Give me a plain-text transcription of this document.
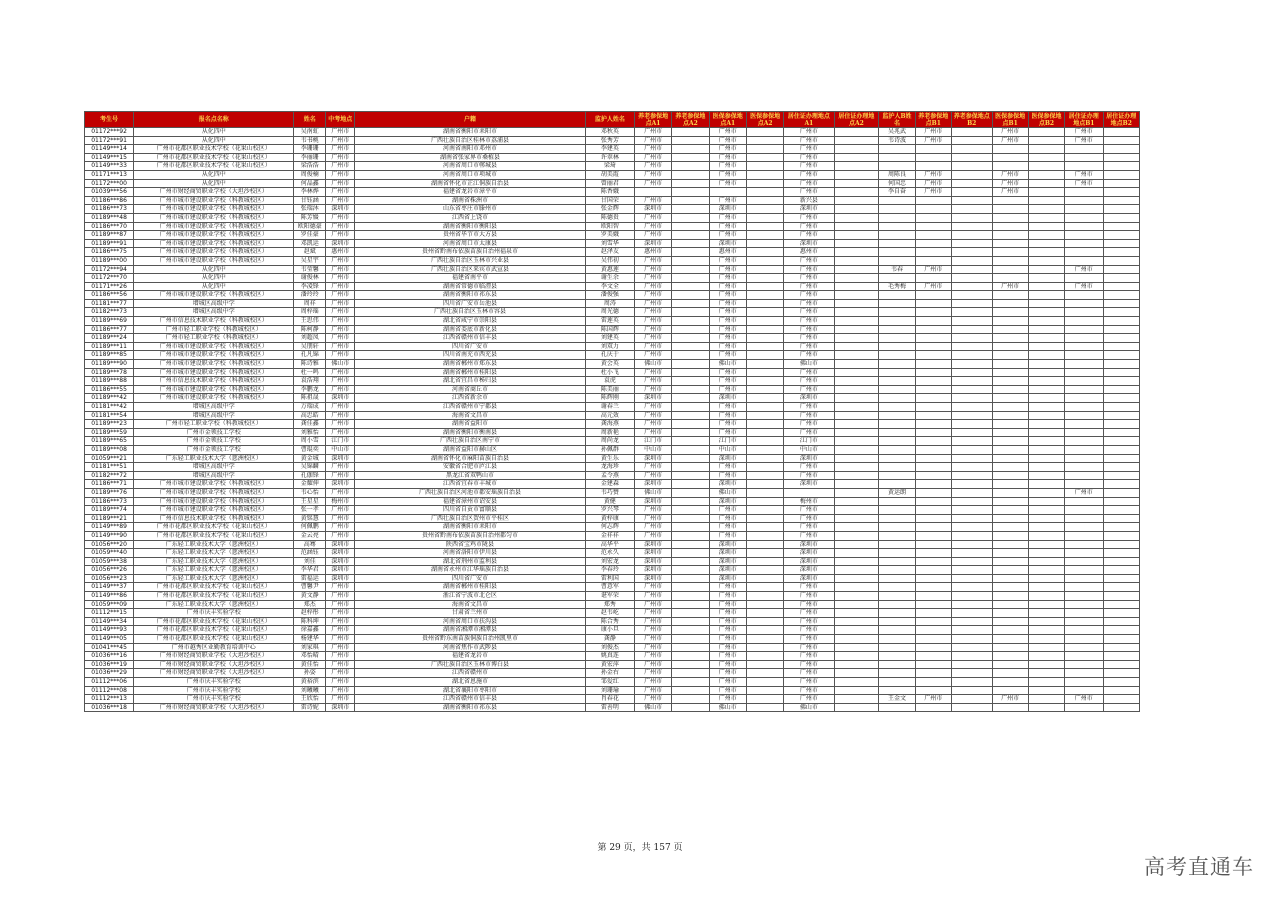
考生号	报名点名称	姓名	中考地点	户籍	监护人姓名	养老参保地点A1	养老参保地点A2	医保参保地点A1	医保参保地点A2	居住证办理地点A1	居住证办理地点A2	监护人B姓名	养老参保地点B1	养老参保地点B2	医保参保地点B1	医保参保地点B2	居住证办理地点B1	居住证办理地点B2
01172***92	从化四中	吴南虹	广州市	湖南省衡阳市耒阳市	邓秋英	广州市		广州市		广州市		吴兆武	广州市		广州市		广州市	
01172***91	从化四中	韦书桃	广州市	广西壮族自治区桂林市荔浦县	张秀芳	广州市		广州市		广州市		韦诗波	广州市		广州市		广州市	
01149***14	广州市花都区职业技术学校（花果山校区）	李珊珊	广州市	河南省南阳市邓州市	李建英	广州市		广州市		广州市								
01149***15	广州市花都区职业技术学校（花果山校区）	李丽珊	广州市	湖南省张家界市桑植县	许翠林	广州市		广州市		广州市								
01149***33	广州市花都区职业技术学校（花果山校区）	梁浩浩	广州市	河南省周口市郸城县	梁琦	广州市		广州市		广州市								
01171***13	从化四中	周俊楠	广州市	河南省周口市项城市	胡美霞	广州市		广州市		广州市		周陈良	广州市		广州市		广州市	
01172***00	从化四中	何晶鑫	广州市	湖南省怀化市芷江侗族自治县	曾丽君	广州市		广州市		广州市		何国忠	广州市		广州市		广州市	
01039***56	广州市财经商贸职业学校（大坦沙校区）	李林烨	广州市	福建省龙岩市漳平市	陈香娥					广州市		李自奋	广州市		广州市			
01186***86	广州市城市建设职业学校（科教城校区）	甘钰涵	广州市	湖南省株洲市	甘国荣	广州市		广州市		新兴县								
01186***73	广州市城市建设职业学校（科教城校区）	张瑞沐	深圳市	山东省枣庄市滕州市	张金辉	深圳市		深圳市		深圳市								
01189***48	广州市城市建设职业学校（科教城校区）	陈芳媛	广州市	江西省上饶市	陈德贵	广州市		广州市		广州市								
01186***70	广州市城市建设职业学校（科教城校区）	欧阳德豪	广州市	湖南省衡阳市衡阳县	欧阳智	广州市		广州市		广州市								
01189***87	广州市城市建设职业学校（科教城校区）	罗佳豪	广州市	贵州省毕节市大方县	罗美娥	广州市		广州市		广州市								
01189***91	广州市城市建设职业学校（科教城校区）	邓凯运	深圳市	河南省周口市太康县	刘雪华	深圳市		深圳市		深圳市								
01186***75	广州市城市建设职业学校（科教城校区）	赵斌	惠州市	贵州省黔南布依族苗族自治州福泉市	赵泽友	惠州市		惠州市		惠州市								
01189***00	广州市城市建设职业学校（科教城校区）	吴星宇	广州市	广西壮族自治区玉林市兴业县	吴伟初	广州市		广州市		广州市								
01172***94	从化四中	韦莹馨	广州市	广西壮族自治区来宾市武宣县	黄惠莲	广州市		广州市		广州市		韦春	广州市				广州市	
01172***70	从化四中	谢俊林	广州市	福建省南平市	谢生余	广州市		广州市		广州市								
01171***26	从化四中	李凌锋	广州市	湖南省常德市临澧县	李文全	广州市		广州市		广州市		毛秀梅	广州市		广州市		广州市	
01186***56	广州市城市建设职业学校（科教城校区）	潘玲玲	广州市	湖南省衡阳市祁东县	潘俊强	广州市		广州市		广州市								
01181***77	增城区高级中学	周祥	广州市	四川省广安市岳池县	周涛	广州市		广州市		广州市								
01182***73	增城区高级中学	周梓瑶	广州市	广西壮族自治区玉林市容县	周光德	广州市		广州市		广州市								
01189***69	广州市信息技术职业学校（科教城校区）	王思伟	广州市	湖北省咸宁市崇阳县	雷莲英	广州市		广州市		广州市								
01186***77	广州市轻工职业学校（科教城校区）	陈柯静	广州市	湖南省娄底市新化县	陈国辉	广州市		广州市		广州市								
01189***24	广州市轻工职业学校（科教城校区）	刘超凤	广州市	江西省赣州市信丰县	刘建英	广州市		广州市		广州市								
01189***11	广州市城市建设职业学校（科教城校区）	吴朋轩	广州市	四川省广安市	刘双力	广州市		广州市		广州市								
01189***85	广州市城市建设职业学校（科教城校区）	孔凡锦	广州市	四川省南充市西充县	孔庆于	广州市		广州市		广州市								
01189***90	广州市城市建设职业学校（科教城校区）	陈诗雅	佛山市	湖南省郴州市郑东县	黄会英	佛山市		佛山市		佛山市								
01189***78	广州市城市建设职业学校（科教城校区）	杜一鸣	广州市	湖南省郴州市桂阳县	杜小飞	广州市		广州市		广州市								
01189***88	广州市信息技术职业学校（科教城校区）	袁浩翔	广州市	湖北省宜昌市秭归县	袁虎	广州市		广州市		广州市								
01186***55	广州市城市建设职业学校（科教城校区）	李鹏龙	广州市	河南省商丘市	陈美丽	广州市		广州市		广州市								
01189***42	广州市城市建设职业学校（科教城校区）	陈祖晟	深圳市	江西省新余市	陈辉刚	深圳市		深圳市		深圳市								
01181***42	增城区高级中学	万瑞成	广州市	江西省赣州市宁都县	谢春兰	广州市		广州市		广州市								
01181***54	增城区高级中学	高忠皓	广州市	海南省文昌市	高元效	广州市		广州市		广州市								
01189***23	广州市轻工职业学校（科教城校区）	龚佳鑫	广州市	湖南省益阳市	龚海燕	广州市		广州市		广州市								
01189***59	广州市金领技工学校	刘雅怡	广州市	湖南省衡阳市衡南县	周新艳	广州市		广州市		广州市								
01189***65	广州市金领技工学校	周小雪	江门市	广西壮族自治区南宁市	周尚龙	江门市		江门市		江门市								
01189***08	广州市金领技工学校	曹琨奕	中山市	湖南省益阳市赫山区	孙佩群	中山市		中山市		中山市								
01059***21	广东轻工职业技术大学（慈洲校区）	黄金城	深圳市	湖南省怀化市麻阳苗族自治县	黄生乐	深圳市		深圳市		深圳市								
01181***51	增城区高级中学	吴锦麟	广州市	安徽省合肥市庐江县	龙海珍	广州市		广州市		广州市								
01182***72	增城区高级中学	孔伽锋	广州市	黑龙江省双鸭山市	孟令燕	广州市		广州市		广州市								
01186***71	广州市城市建设职业学校（科教城校区）	金耀伸	深圳市	江西省宜春市丰城市	金建森	深圳市		深圳市		深圳市								
01189***76	广州市城市建设职业学校（科教城校区）	韦心怡	广州市	广西壮族自治区河池市都安瑶族自治县	韦巧赞	佛山市		佛山市				黄运朗					广州市	
01186***73	广州市城市建设职业学校（科教城校区）	王星星	梅州市	福建省漳州市诏安县	黄健	深圳市		深圳市		梅州市								
01189***74	广州市城市建设职业学校（科教城校区）	张一孝	广州市	四川省自贡市富顺县	罗兴琴	广州市		广州市		广州市								
01189***21	广州市信息技术职业学校（科教城校区）	黄铭慧	广州市	广西壮族自治区贺州市平桂区	黄梓康	广州市		广州市		广州市								
01149***89	广州市花都区职业技术学校（花果山校区）	何佩鹏	广州市	湖南省衡阳市耒阳市	何志辉	广州市		广州市		广州市								
01149***90	广州市花都区职业技术学校（花果山校区）	金云亮	广州市	贵州省黔南布依族苗族自治州都匀市	金祥祥	广州市		广州市		广州市								
01056***20	广东轻工职业技术大学（慈洲校区）	高骞	深圳市	陕西省宝鸡市陇县	高华平	深圳市		深圳市		深圳市								
01059***40	广东轻工职业技术大学（慈洲校区）	范涵钰	深圳市	河南省洛阳市伊川县	范永久	深圳市		深圳市		深圳市								
01059***38	广东轻工职业技术大学（慈洲校区）	刘佳	深圳市	湖北省荆州市监利县	刘宏龙	深圳市		深圳市		深圳市								
01056***26	广东轻工职业技术大学（慈洲校区）	李华君	深圳市	湖南省永州市江华瑶族自治县	李春玲	深圳市		深圳市		深圳市								
01056***23	广东轻工职业技术大学（慈洲校区）	雷福运	深圳市	四川省广安市	雷利国	深圳市		深圳市		深圳市								
01149***37	广州市花都区职业技术学校（花果山校区）	曹馨尹	广州市	湖南省郴州市桂阳县	曹意军	广州市		广州市		广州市								
01149***86	广州市花都区职业技术学校（花果山校区）	黄文静	广州市	浙江省宁波市北仑区	谌军荣	广州市		广州市		广州市								
01059***09	广东轻工职业技术大学（慈洲校区）	郑杰	广州市	海南省文昌市	郑秀	广州市		广州市		广州市								
01112***15	广州市庆丰实验学校	赵梓彤	广州市	甘肃省兰州市	赵韦屹	广州市		广州市		广州市								
01149***34	广州市花都区职业技术学校（花果山校区）	陈科坤	广州市	河南省周口市扶沟县	陈合秀	广州市		广州市		广州市								
01149***93	广州市花都区职业技术学校（花果山校区）	徐嘉鑫	广州市	湖南省湘潭市湘潭县	康小旦	广州市		广州市		广州市								
01149***05	广州市花都区职业技术学校（花果山校区）	杨建华	广州市	贵州省黔东南苗族侗族自治州凯里市	龚静	广州市		广州市		广州市								
01041***45	广州市越秀区业勤教育培训中心	刘家琪	广州市	河南省焦作市武陟县	刘俊杰	广州市		广州市		广州市								
01036***16	广州市财经商贸职业学校（大坦沙校区）	邓怡晴	广州市	福建省龙岩市	姚真连	广州市		广州市		广州市								
01036***19	广州市财经商贸职业学校（大坦沙校区）	黄佳怡	广州市	广西壮族自治区玉林市博白县	黄宏萍	广州市		广州市		广州市								
01036***29	广州市财经商贸职业学校（大坦沙校区）	孙姿	广州市	江西省赣州市	孙金右	广州市		广州市		广州市								
01112***06	广州市庆丰实验学校	黄裕滨	广州市	湖北省恩施市	邹爱红	广州市		广州市		广州市								
01112***08	广州市庆丰实验学校	刘曦曦	广州市	湖北省襄阳市枣阳市	刘珊瑜	广州市		广州市		广州市								
01112***13	广州市庆丰实验学校	王欣怡	广州市	江西省赣州市信丰县	肖春花	广州市		广州市		广州市		王金文	广州市		广州市		广州市	
01036***18	广州市财经商贸职业学校（大坦沙校区）	雷诗妮	深圳市	湖南省衡阳市祁东县	雷善明	佛山市		佛山市		佛山市								
第 29 页，共 157 页
高考直通车
